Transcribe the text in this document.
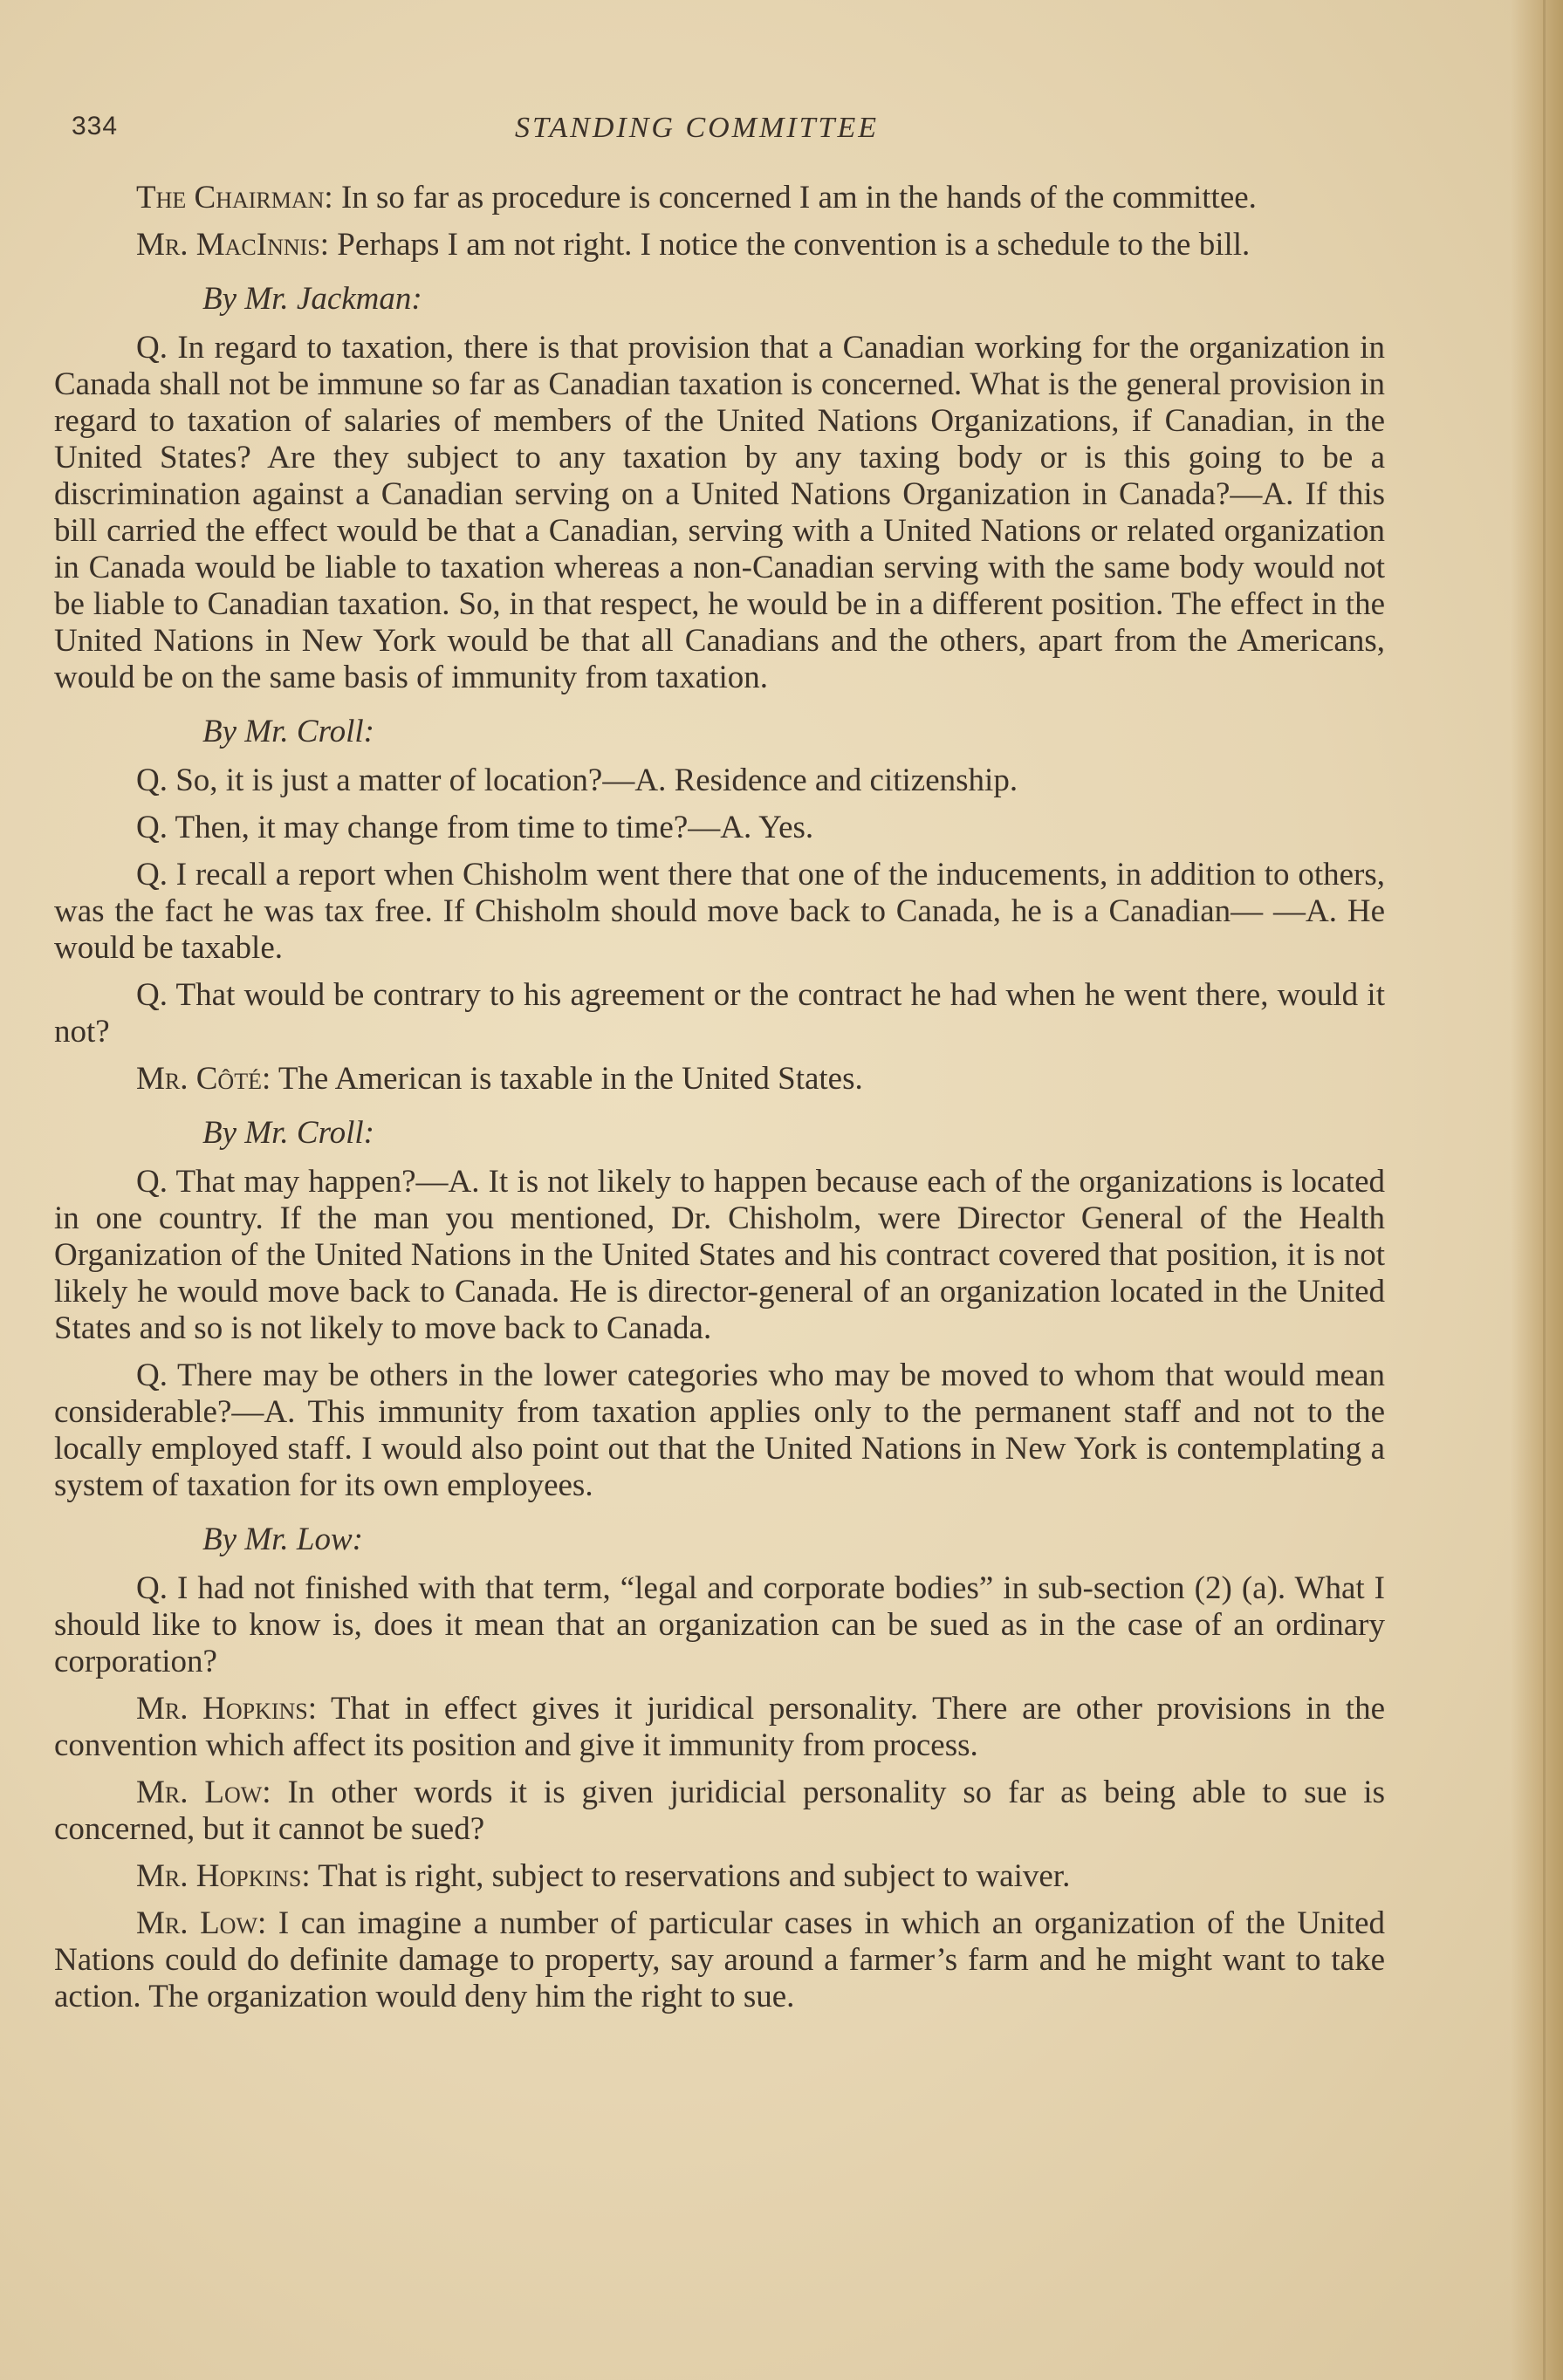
334	STANDING COMMITTEE

The Chairman: In so far as procedure is concerned I am in the hands of the committee.

Mr. MacInnis: Perhaps I am not right. I notice the convention is a schedule to the bill.

By Mr. Jackman:

Q. In regard to taxation, there is that provision that a Canadian working for the organization in Canada shall not be immune so far as Canadian taxation is concerned. What is the general provision in regard to taxation of salaries of members of the United Nations Organizations, if Canadian, in the United States? Are they subject to any taxation by any taxing body or is this going to be a discrimination against a Canadian serving on a United Nations Organization in Canada?—A. If this bill carried the effect would be that a Canadian, serving with a United Nations or related organization in Canada would be liable to taxation whereas a non-Canadian serving with the same body would not be liable to Canadian taxation. So, in that respect, he would be in a different position. The effect in the United Nations in New York would be that all Canadians and the others, apart from the Americans, would be on the same basis of immunity from taxation.

By Mr. Croll:

Q. So, it is just a matter of location?—A. Residence and citizenship.

Q. Then, it may change from time to time?—A. Yes.

Q. I recall a report when Chisholm went there that one of the inducements, in addition to others, was the fact he was tax free. If Chisholm should move back to Canada, he is a Canadian— —A. He would be taxable.

Q. That would be contrary to his agreement or the contract he had when he went there, would it not?

Mr. Côté: The American is taxable in the United States.

By Mr. Croll:

Q. That may happen?—A. It is not likely to happen because each of the organizations is located in one country. If the man you mentioned, Dr. Chisholm, were Director General of the Health Organization of the United Nations in the United States and his contract covered that position, it is not likely he would move back to Canada. He is director-general of an organization located in the United States and so is not likely to move back to Canada.

Q. There may be others in the lower categories who may be moved to whom that would mean considerable?—A. This immunity from taxation applies only to the permanent staff and not to the locally employed staff. I would also point out that the United Nations in New York is contemplating a system of taxation for its own employees.

By Mr. Low:

Q. I had not finished with that term, “legal and corporate bodies” in sub-section (2) (a). What I should like to know is, does it mean that an organization can be sued as in the case of an ordinary corporation?

Mr. Hopkins: That in effect gives it juridical personality. There are other provisions in the convention which affect its position and give it immunity from process.

Mr. Low: In other words it is given juridicial personality so far as being able to sue is concerned, but it cannot be sued?

Mr. Hopkins: That is right, subject to reservations and subject to waiver.

Mr. Low: I can imagine a number of particular cases in which an organization of the United Nations could do definite damage to property, say around a farmer’s farm and he might want to take action. The organization would deny him the right to sue.
